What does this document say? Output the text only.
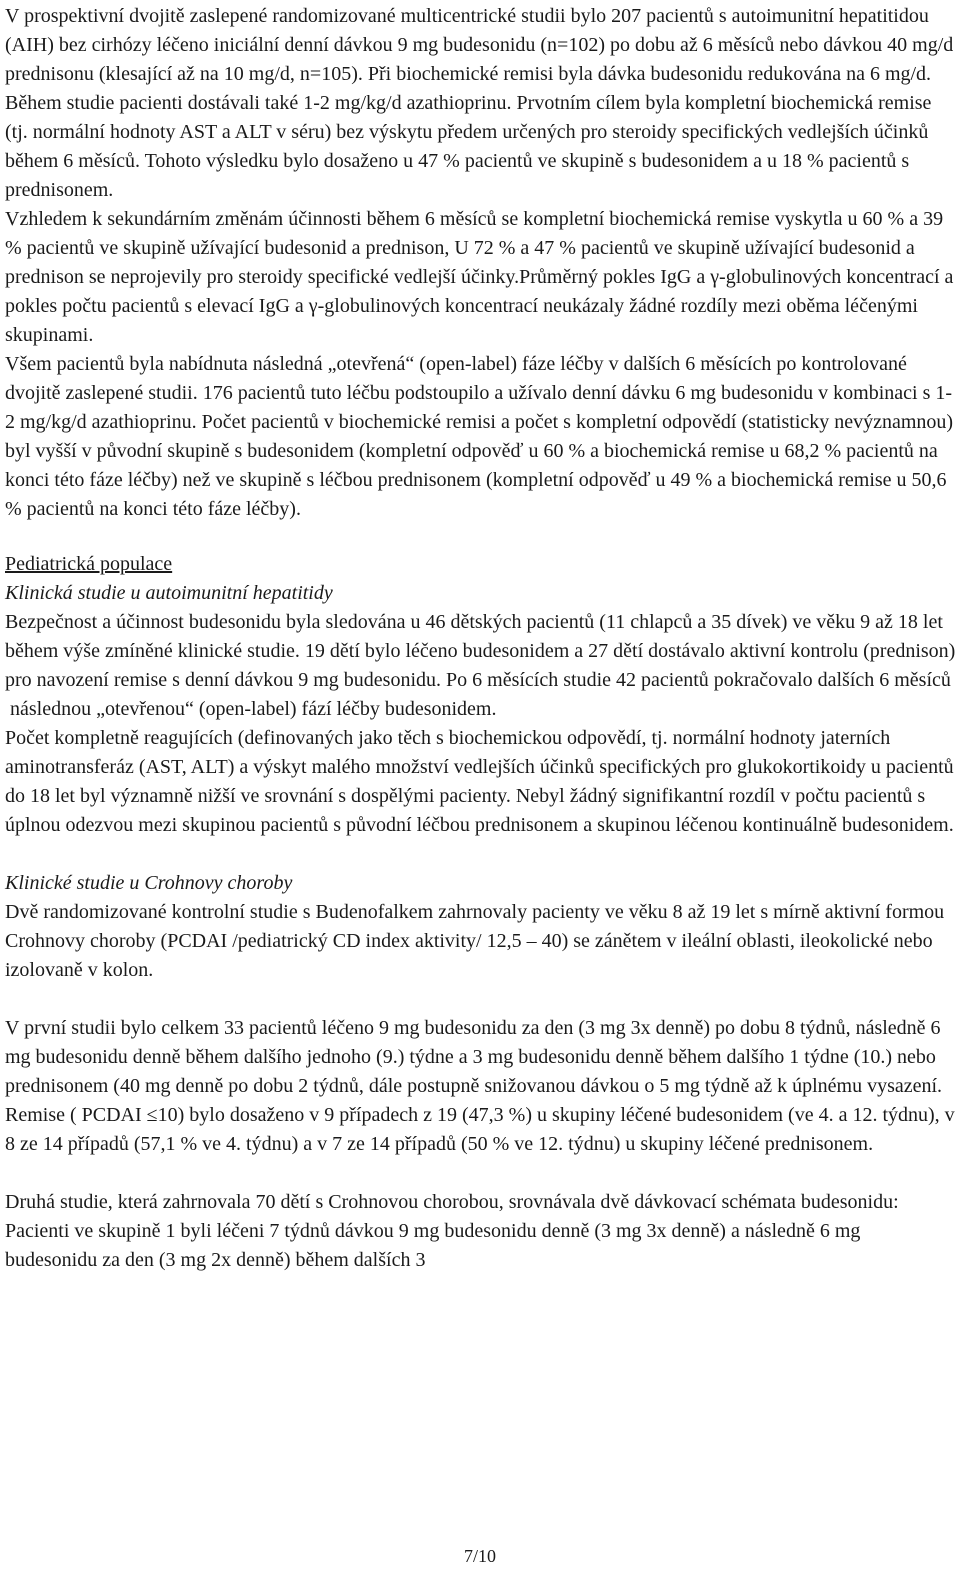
V prospektivní dvojitě zaslepené randomizované multicentrické studii bylo 207 pacientů s autoimunitní hepatitidou (AIH) bez cirhózy léčeno iniciální denní dávkou 9 mg budesonidu (n=102) po dobu až 6 měsíců nebo dávkou 40 mg/d prednisonu (klesající až na 10 mg/d, n=105). Při biochemické remisi byla dávka budesonidu redukována na 6 mg/d. Během studie pacienti dostávali také 1-2 mg/kg/d azathioprinu. Prvotním cílem byla kompletní biochemická remise (tj. normální hodnoty AST a ALT v séru) bez výskytu předem určených pro steroidy specifických vedlejších účinků během 6 měsíců. Tohoto výsledku bylo dosaženo u 47 % pacientů ve skupině s budesonidem a u 18 % pacientů s prednisonem.

Vzhledem k sekundárním změnám účinnosti během 6 měsíců se kompletní biochemická remise vyskytla u 60 % a 39 % pacientů ve skupině užívající budesonid a prednison, U 72 % a 47 % pacientů ve skupině užívající budesonid a prednison se neprojevily pro steroidy specifické vedlejší účinky.Průměrný pokles IgG a γ-globulinových koncentrací a pokles počtu pacientů s elevací IgG a γ-globulinových koncentrací neukázaly žádné rozdíly mezi oběma léčenými skupinami.

Všem pacientů byla nabídnuta následná „otevřená“ (open-label) fáze léčby v dalších 6 měsících po kontrolované dvojitě zaslepené studii. 176 pacientů tuto léčbu podstoupilo a užívalo denní dávku 6 mg budesonidu v kombinaci s 1-2 mg/kg/d azathioprinu. Počet pacientů v biochemické remisi a počet s kompletní odpovědí (statisticky nevýznamnou) byl vyšší v původní skupině s budesonidem (kompletní odpověď u 60 % a biochemická remise u 68,2 % pacientů na konci této fáze léčby) než ve skupině s léčbou prednisonem (kompletní odpověď u 49 % a biochemická remise u 50,6 % pacientů na konci této fáze léčby).

Pediatrická populace

Klinická studie u autoimunitní hepatitidy

Bezpečnost a účinnost budesonidu byla sledována u 46 dětských pacientů (11 chlapců a 35 dívek) ve věku 9 až 18 let během výše zmíněné klinické studie. 19 dětí bylo léčeno budesonidem a 27 dětí dostávalo aktivní kontrolu (prednison) pro navození remise s denní dávkou 9 mg budesonidu. Po 6 měsících studie 42 pacientů pokračovalo dalších 6 měsíců

následnou „otevřenou“ (open-label) fází léčby budesonidem.

Počet kompletně reagujících (definovaných jako těch s biochemickou odpovědí, tj. normální hodnoty jaterních aminotransferáz (AST, ALT) a výskyt malého množství vedlejších účinků specifických pro glukokortikoidy u pacientů do 18 let byl významně nižší ve srovnání s dospělými pacienty. Nebyl žádný signifikantní rozdíl v počtu pacientů s úplnou odezvou mezi skupinou pacientů s původní léčbou prednisonem a skupinou léčenou kontinuálně budesonidem.

Klinické studie u Crohnovy choroby

Dvě randomizované kontrolní studie s Budenofalkem zahrnovaly pacienty ve věku 8 až 19 let s mírně aktivní formou Crohnovy choroby (PCDAI /pediatrický CD index aktivity/ 12,5 – 40) se zánětem v ileální oblasti, ileokolické nebo izolovaně v kolon.

V první studii bylo celkem 33 pacientů léčeno 9 mg budesonidu za den (3 mg 3x denně) po dobu 8 týdnů, následně 6 mg budesonidu denně během dalšího jednoho (9.) týdne a 3 mg budesonidu denně během dalšího 1 týdne (10.) nebo prednisonem (40 mg denně po dobu 2 týdnů, dále postupně snižovanou dávkou o 5 mg týdně až k úplnému vysazení. Remise ( PCDAI ≤10) bylo dosaženo v 9 případech z 19 (47,3 %) u skupiny léčené budesonidem (ve 4. a 12. týdnu), v 8 ze 14 případů (57,1 % ve 4. týdnu) a v 7 ze 14 případů (50 % ve 12. týdnu) u skupiny léčené prednisonem.

Druhá studie, která zahrnovala 70 dětí s Crohnovou chorobou, srovnávala dvě dávkovací schémata budesonidu: Pacienti ve skupině 1 byli léčeni 7 týdnů dávkou 9 mg budesonidu denně (3 mg 3x denně) a následně 6 mg budesonidu za den (3 mg 2x denně) během dalších 3

7/10
